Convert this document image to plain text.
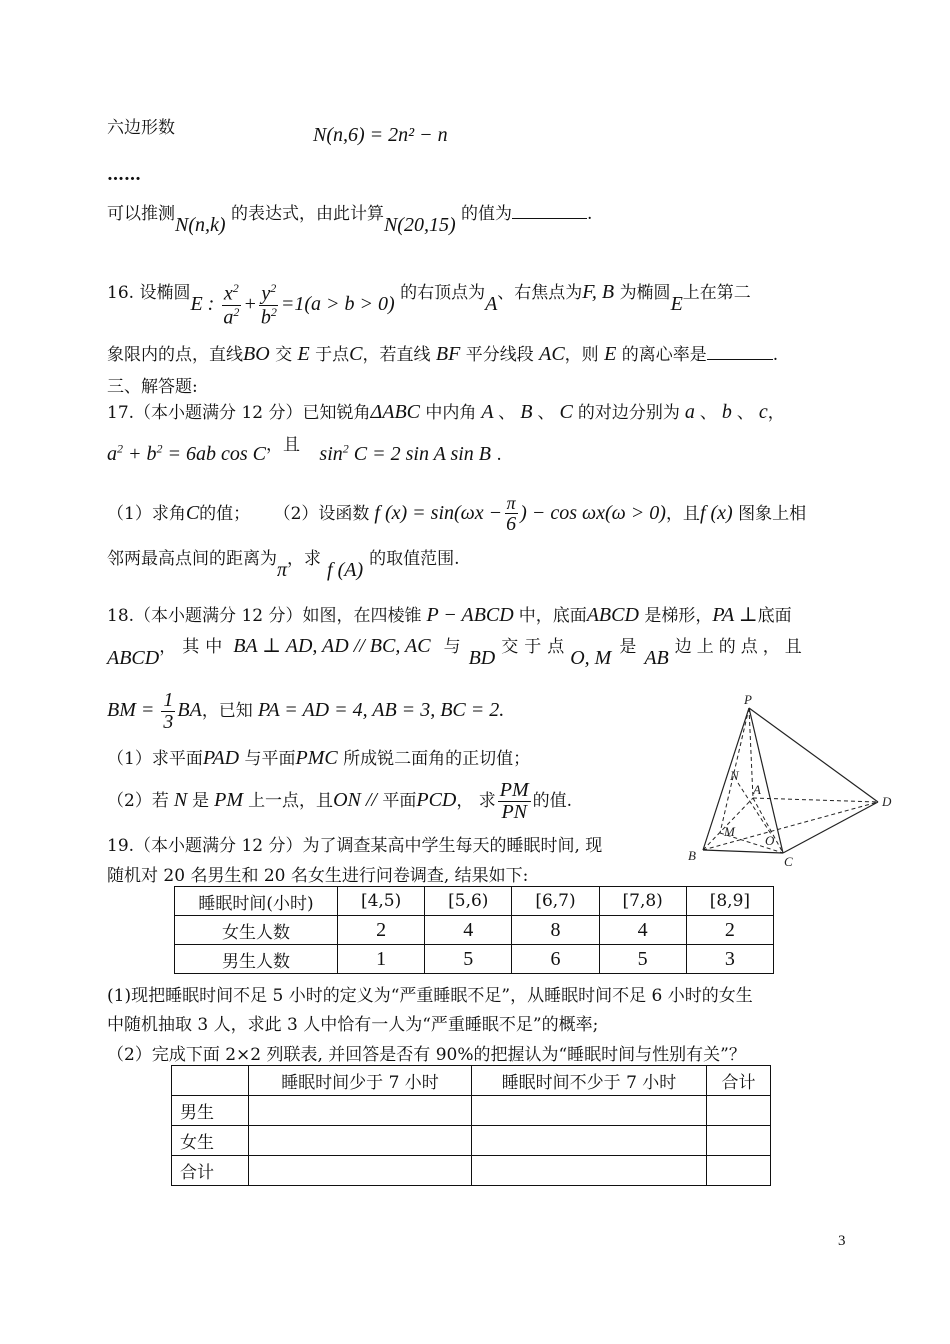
六边形数	N(n,6) = 2n² − n
……
可以推测N(n,k) 的表达式，由此计算N(20,15) 的值为	.
16. 设椭圆E : $\frac{x^2}{a^2} + \frac{y^2}{b^2} =1(a > b > 0)$ 的右顶点为A、右焦点为F, B 为椭圆E上在第二
象限内的点，直线BO 交 E 于点C，若直线 BF 平分线段 AC，则 E 的离心率是	.
三、解答题:
17.（本小题满分 12 分）已知锐角ΔABC 中内角 A 、 B 、 C 的对边分别为 a 、 b 、 c，
$a^2 + b^2 = 6ab$ cos C，且 $\sin^2 C = 2$ sin A sin B .
（1）求角C的值； （2）设函数 f $(x) = \sin(\omega x - \frac{\pi}{6}$ ) − cos ωx(ω > 0)，且f (x) 图象上相
邻两最高点间的距离为π，求 f (A) 的取值范围.
18.（本小题满分 12 分）如图，在四棱锥 P − ABCD 中，底面ABCD 是梯形，PA ⊥底面
ABCD，其中 BA ⊥ AD, AD // BC, AC 与 BD 交于点O, M 是 AB 边上的点，且
BM = $\frac{1}{3}$ BA，已知 PA = AD = 4, AB = 3, BC = 2.
（1）求平面PAD 与平面PMC 所成锐二面角的正切值；
（2）若 N 是 PM 上一点，且ON // 平面PCD， 求 $\frac{PM}{PN}$ 的值.
P
B	C
D
A
N
M
O
19.（本小题满分 12 分）为了调查某高中学生每天的睡眠时间, 现
随机对 20 名男生和 20 名女生进行问卷调查, 结果如下:
睡眠时间(小时)	[4,5)	[5,6)	[6,7)	[7,8)	[8,9]
女生人数	2	4	8	4	2
男生人数	1	5	6	5	3
(1)现把睡眠时间不足 5 小时的定义为“严重睡眠不足”，从睡眠时间不足 6 小时的女生
中随机抽取 3 人，求此 3 人中恰有一人为“严重睡眠不足”的概率;
（2）完成下面 2×2 列联表, 并回答是否有 90%的把握认为“睡眠时间与性别有关”？
	睡眠时间少于 7 小时	睡眠时间不少于 7 小时	合计
男生			
女生			
合计			
3
